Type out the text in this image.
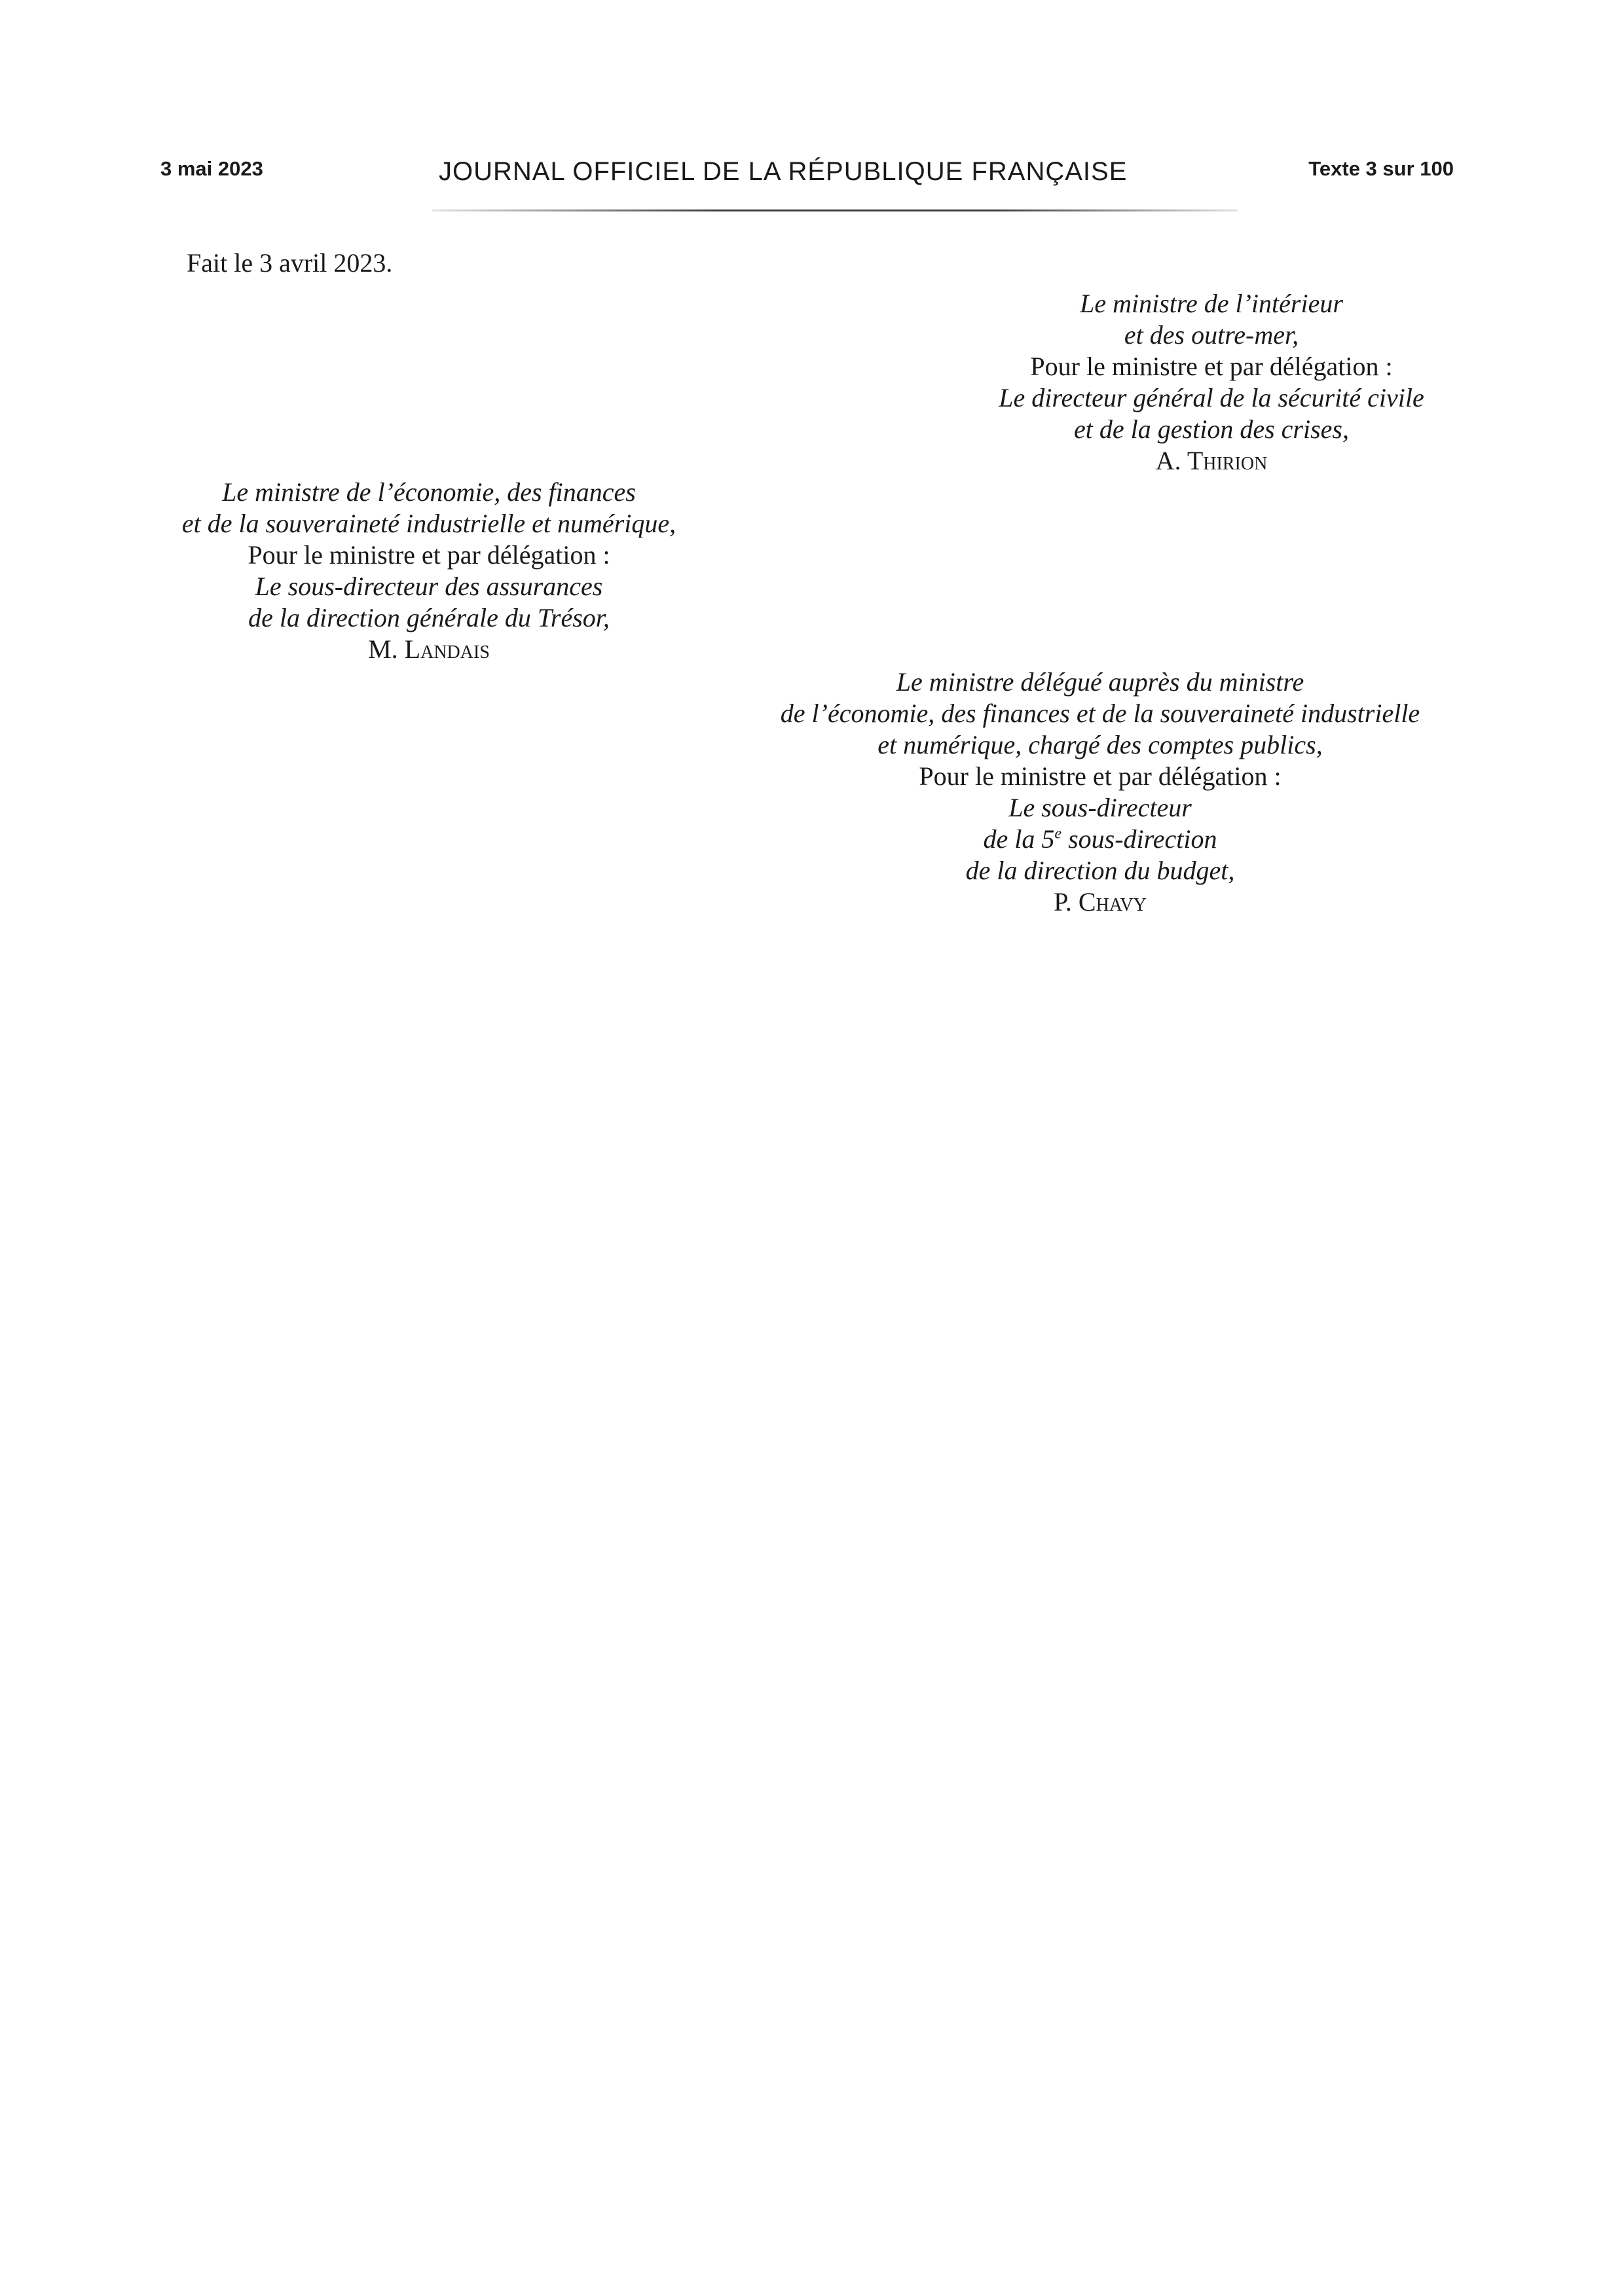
3 mai 2023	JOURNAL OFFICIEL DE LA RÉPUBLIQUE FRANÇAISE	Texte 3 sur 100
Fait le 3 avril 2023.
Le ministre de l’intérieur
et des outre-mer,
Pour le ministre et par délégation :
Le directeur général de la sécurité civile
et de la gestion des crises,
A. Thirion
Le ministre de l’économie, des finances
et de la souveraineté industrielle et numérique,
Pour le ministre et par délégation :
Le sous-directeur des assurances
de la direction générale du Trésor,
M. Landais
Le ministre délégué auprès du ministre
de l’économie, des finances et de la souveraineté industrielle
et numérique, chargé des comptes publics,
Pour le ministre et par délégation :
Le sous-directeur
de la 5e sous-direction
de la direction du budget,
P. Chavy
